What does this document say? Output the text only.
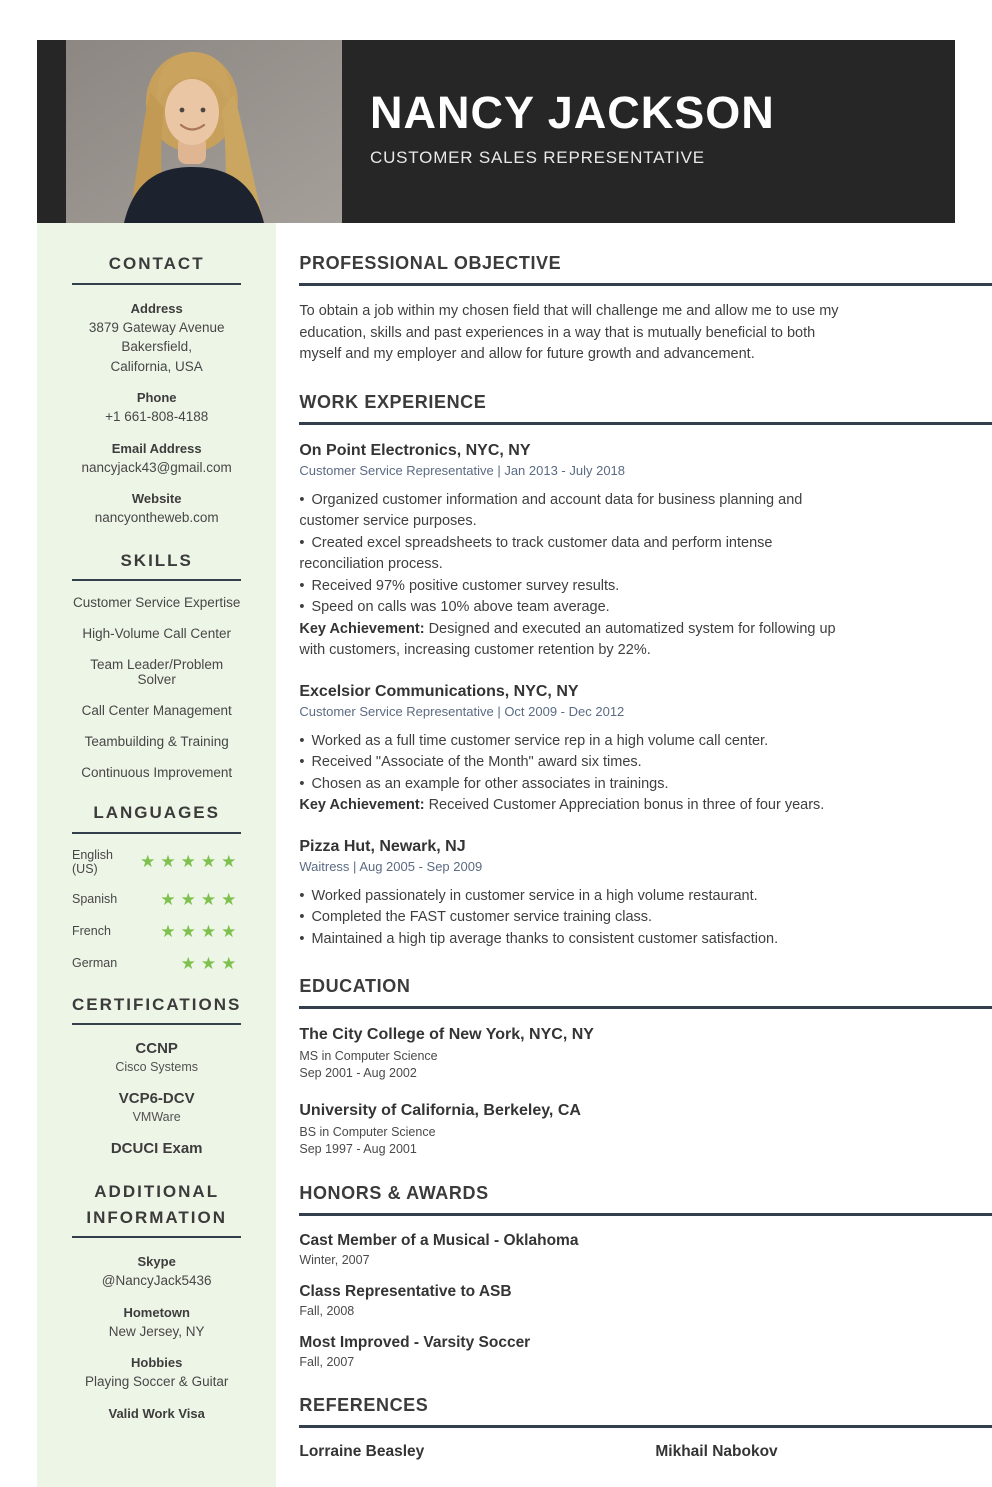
NANCY JACKSON
CUSTOMER SALES REPRESENTATIVE
CONTACT
Address
3879 Gateway Avenue
Bakersfield,
California, USA
Phone
+1 661-808-4188
Email Address
nancyjack43@gmail.com
Website
nancyontheweb.com
SKILLS
Customer Service Expertise
High-Volume Call Center
Team Leader/Problem Solver
Call Center Management
Teambuilding & Training
Continuous Improvement
LANGUAGES
English (US)	★★★★★
Spanish	★★★★
French	★★★★
German	★★★
CERTIFICATIONS
CCNP
Cisco Systems
VCP6-DCV
VMWare
DCUCI Exam
ADDITIONAL INFORMATION
Skype
@NancyJack5436
Hometown
New Jersey, NY
Hobbies
Playing Soccer & Guitar
Valid Work Visa
PROFESSIONAL OBJECTIVE

To obtain a job within my chosen field that will challenge me and allow me to use my education, skills and past experiences in a way that is mutually beneficial to both myself and my employer and allow for future growth and advancement.

WORK EXPERIENCE
On Point Electronics, NYC, NY
Customer Service Representative | Jan 2013 - July 2018
• Organized customer information and account data for business planning and customer service purposes.
• Created excel spreadsheets to track customer data and perform intense reconciliation process.
• Received 97% positive customer survey results.
• Speed on calls was 10% above team average.
Key Achievement: Designed and executed an automatized system for following up with customers, increasing customer retention by 22%.
Excelsior Communications, NYC, NY
Customer Service Representative | Oct 2009 - Dec 2012
• Worked as a full time customer service rep in a high volume call center.
• Received "Associate of the Month" award six times.
• Chosen as an example for other associates in trainings.
Key Achievement: Received Customer Appreciation bonus in three of four years.
Pizza Hut, Newark, NJ
Waitress | Aug 2005 - Sep 2009
• Worked passionately in customer service in a high volume restaurant.
• Completed the FAST customer service training class.
• Maintained a high tip average thanks to consistent customer satisfaction.
EDUCATION
The City College of New York, NYC, NY
MS in Computer Science
Sep 2001 - Aug 2002
University of California, Berkeley, CA
BS in Computer Science
Sep 1997 - Aug 2001
HONORS & AWARDS
Cast Member of a Musical - Oklahoma
Winter, 2007
Class Representative to ASB
Fall, 2008
Most Improved - Varsity Soccer
Fall, 2007
REFERENCES
Lorraine Beasley	Mikhail Nabokov
